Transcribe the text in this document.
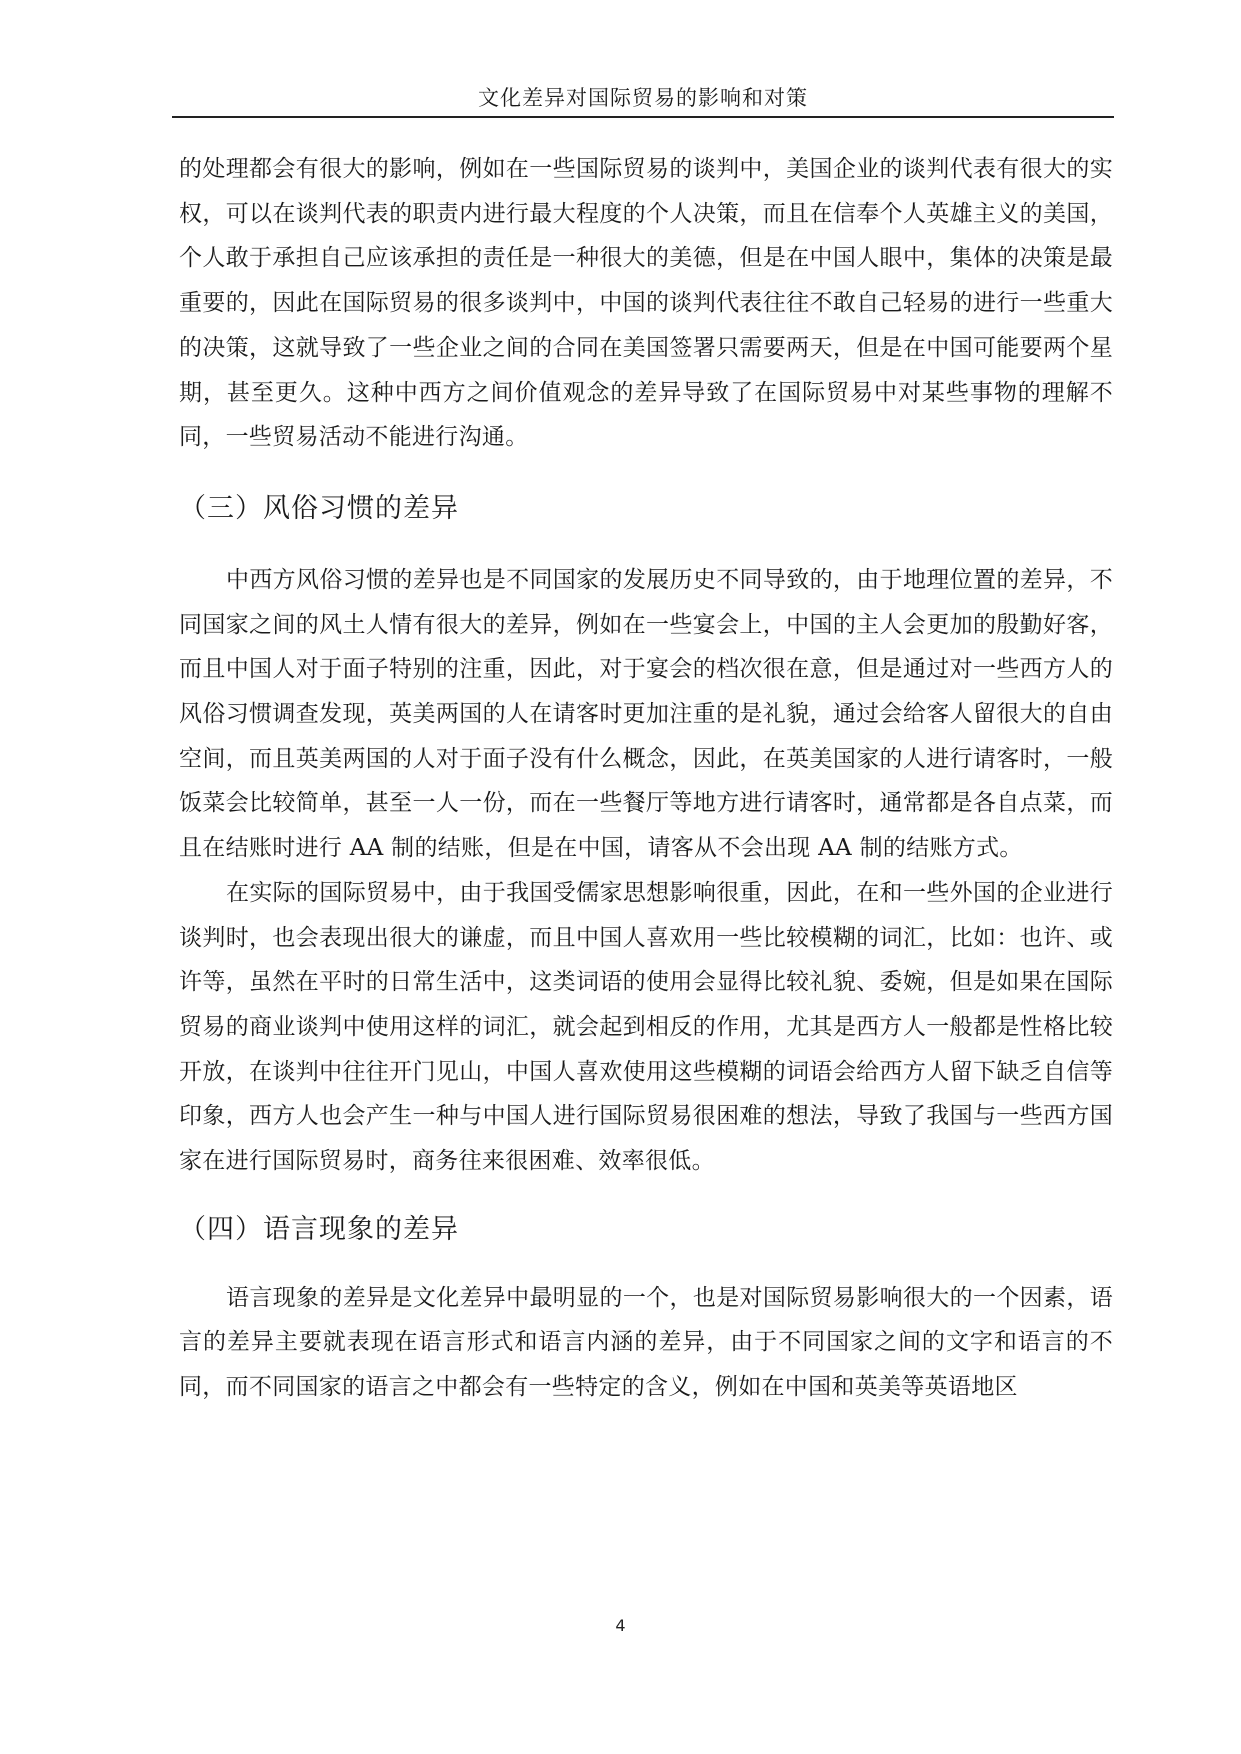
文化差异对国际贸易的影响和对策

的处理都会有很大的影响，例如在一些国际贸易的谈判中，美国企业的谈判代表有很大的实权，可以在谈判代表的职责内进行最大程度的个人决策，而且在信奉个人英雄主义的美国，个人敢于承担自己应该承担的责任是一种很大的美德，但是在中国人眼中，集体的决策是最重要的，因此在国际贸易的很多谈判中，中国的谈判代表往往不敢自己轻易的进行一些重大的决策，这就导致了一些企业之间的合同在美国签署只需要两天，但是在中国可能要两个星期，甚至更久。这种中西方之间价值观念的差异导致了在国际贸易中对某些事物的理解不同，一些贸易活动不能进行沟通。

（三）风俗习惯的差异

中西方风俗习惯的差异也是不同国家的发展历史不同导致的，由于地理位置的差异，不同国家之间的风土人情有很大的差异，例如在一些宴会上，中国的主人会更加的殷勤好客，而且中国人对于面子特别的注重，因此，对于宴会的档次很在意，但是通过对一些西方人的风俗习惯调查发现，英美两国的人在请客时更加注重的是礼貌，通过会给客人留很大的自由空间，而且英美两国的人对于面子没有什么概念，因此，在英美国家的人进行请客时，一般饭菜会比较简单，甚至一人一份，而在一些餐厅等地方进行请客时，通常都是各自点菜，而且在结账时进行 AA 制的结账，但是在中国，请客从不会出现 AA 制的结账方式。

在实际的国际贸易中，由于我国受儒家思想影响很重，因此，在和一些外国的企业进行谈判时，也会表现出很大的谦虚，而且中国人喜欢用一些比较模糊的词汇，比如：也许、或许等，虽然在平时的日常生活中，这类词语的使用会显得比较礼貌、委婉，但是如果在国际贸易的商业谈判中使用这样的词汇，就会起到相反的作用，尤其是西方人一般都是性格比较开放，在谈判中往往开门见山，中国人喜欢使用这些模糊的词语会给西方人留下缺乏自信等印象，西方人也会产生一种与中国人进行国际贸易很困难的想法，导致了我国与一些西方国家在进行国际贸易时，商务往来很困难、效率很低。

（四）语言现象的差异

语言现象的差异是文化差异中最明显的一个，也是对国际贸易影响很大的一个因素，语言的差异主要就表现在语言形式和语言内涵的差异，由于不同国家之间的文字和语言的不同，而不同国家的语言之中都会有一些特定的含义，例如在中国和英美等英语地区

4
